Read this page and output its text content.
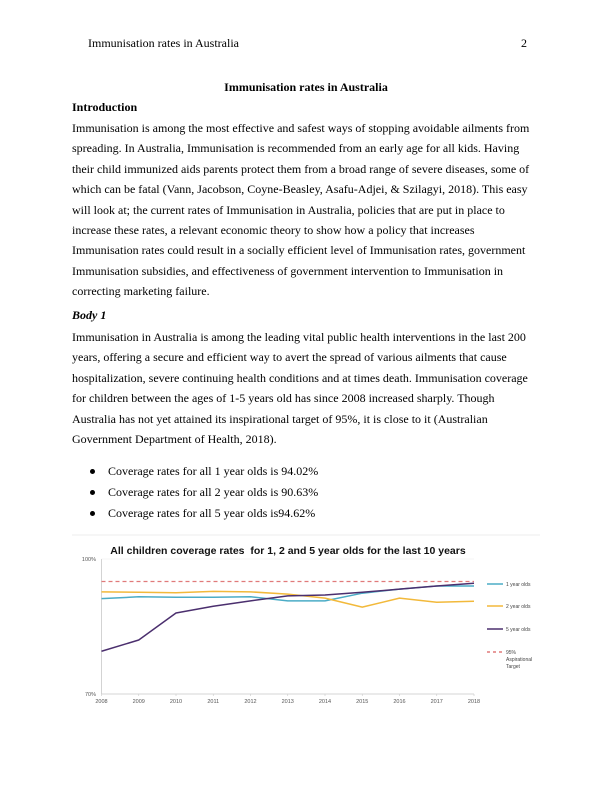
Immunisation rates in Australia	2
Immunisation rates in Australia
Introduction
Immunisation is among the most effective and safest ways of stopping avoidable ailments from
spreading. In Australia, Immunisation is recommended from an early age for all kids. Having
their child immunized aids parents protect them from a broad range of severe diseases, some of
which can be fatal (Vann, Jacobson, Coyne-Beasley, Asafu-Adjei, & Szilagyi, 2018). This easy
will look at; the current rates of Immunisation in Australia, policies that are put in place to
increase these rates, a relevant economic theory to show how a policy that increases
Immunisation rates could result in a socially efficient level of Immunisation rates, government
Immunisation subsidies, and effectiveness of government intervention to Immunisation in
correcting marketing failure.
Body 1
Immunisation in Australia is among the leading vital public health interventions in the last 200
years, offering a secure and efficient way to avert the spread of various ailments that cause
hospitalization, severe continuing health conditions and at times death. Immunisation coverage
for children between the ages of 1-5 years old has since 2008 increased sharply. Though
Australia has not yet attained its inspirational target of 95%, it is close to it (Australian
Government Department of Health, 2018).
Coverage rates for all 1 year olds is 94.02%
Coverage rates for all 2 year olds is 90.63%
Coverage rates for all 5 year olds is94.62%
All children coverage rates  for 1, 2 and 5 year olds for the last 10 years
100%
70%
2008	2009	2010	2011	2012	2013	2014	2015	2016	2017	2018
1 year olds
2 year olds
5 year olds
95%
Aspirational
Target
